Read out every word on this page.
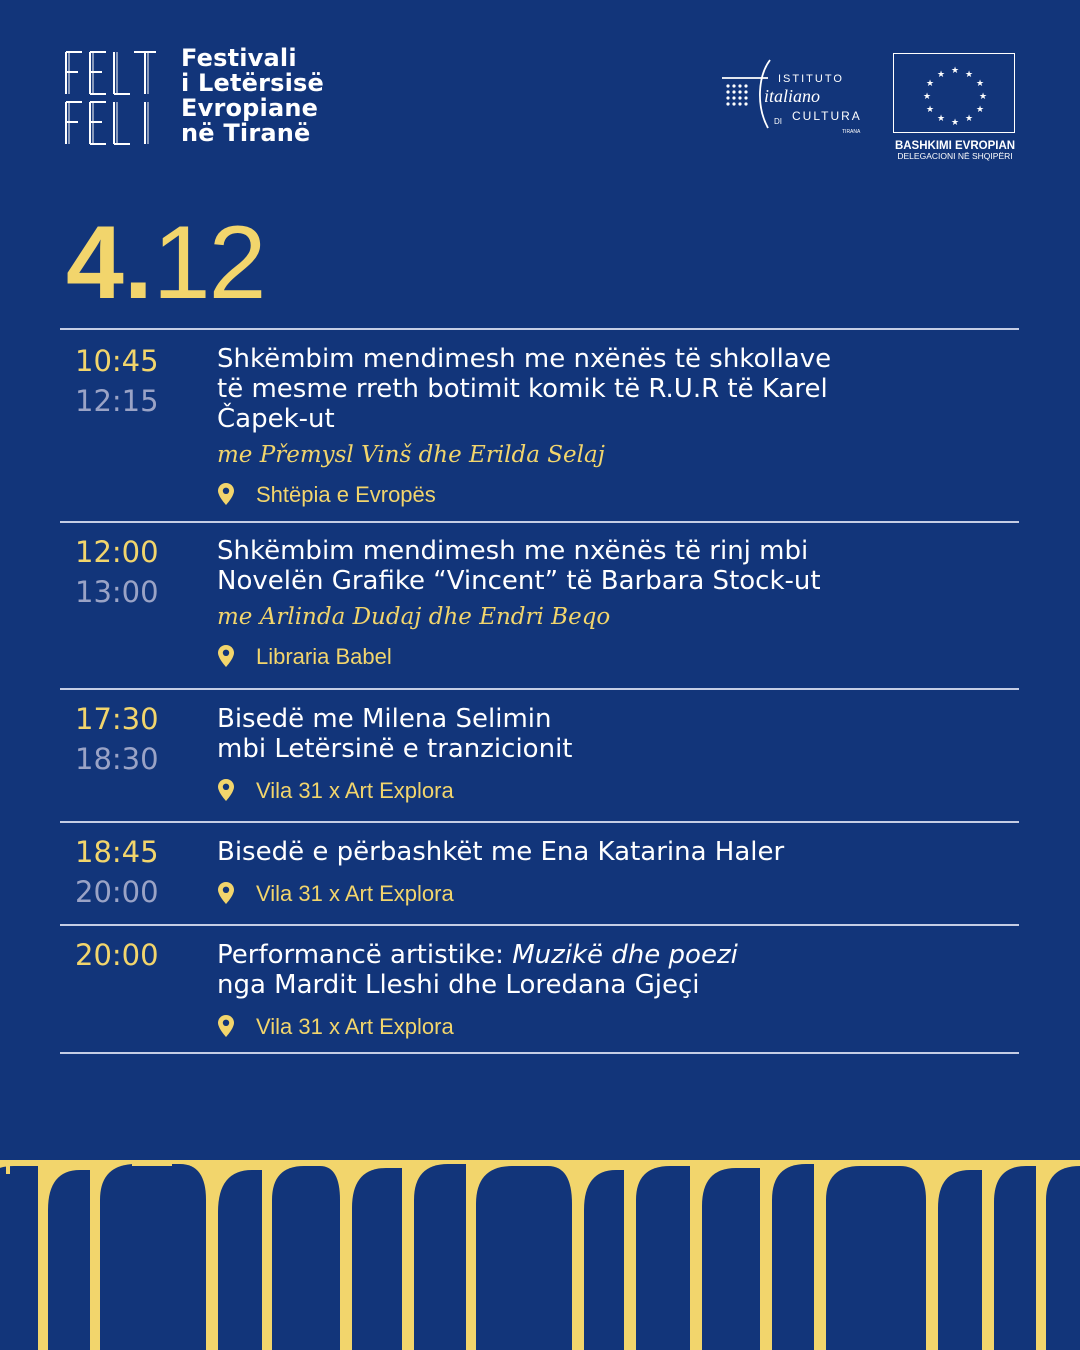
Festivali
i Letërsisë
Evropiane
në Tiranë
ISTITUTO
italiano
DI CULTURA
TIRANA
★ ★
★
★
★
★
★
★
★
★
★
★
BASHKIMI EVROPIAN
DELEGACIONI NË SHQIPËRI
4.12
10:45
12:15
Shkëmbim mendimesh me nxënës të shkollave
të mesme rreth botimit komik të R.U.R të Karel
Čapek-ut
me Přemysl Vinš dhe Erilda Selaj
Shtëpia e Evropës
12:00
13:00
Shkëmbim mendimesh me nxënës të rinj mbi
Novelën Grafike “Vincent” të Barbara Stock-ut
me Arlinda Dudaj dhe Endri Beqo
Libraria Babel
17:30
18:30
Bisedë me Milena Selimin
mbi Letërsinë e tranzicionit
Vila 31 x Art Explora
18:45
20:00
Bisedë e përbashkët me Ena Katarina Haler
Vila 31 x Art Explora
20:00 Performancë artistike: Muzikë dhe poezi
nga Mardit Lleshi dhe Loredana Gjeçi
Vila 31 x Art Explora
